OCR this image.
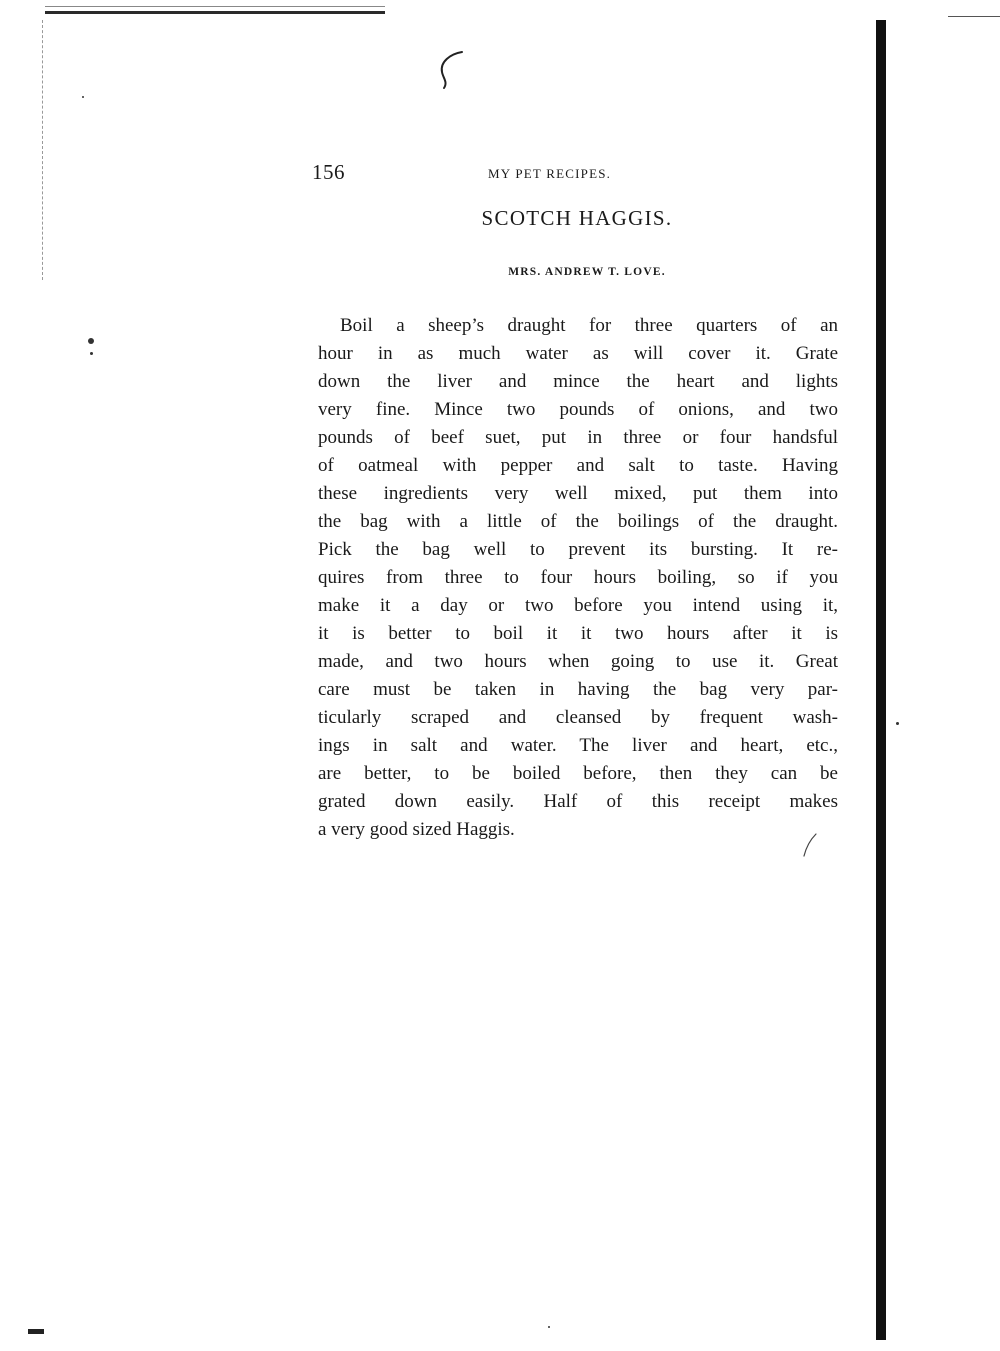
156	MY PET RECIPES.
SCOTCH HAGGIS.
MRS. ANDREW T. LOVE.
Boil a sheep’s draught for three quarters of an
hour in as much water as will cover it. Grate
down the liver and mince the heart and lights
very fine. Mince two pounds of onions, and two
pounds of beef suet, put in three or four handsful
of oatmeal with pepper and salt to taste. Having
these ingredients very well mixed, put them into
the bag with a little of the boilings of the draught.
Pick the bag well to prevent its bursting. It re-
quires from three to four hours boiling, so if you
make it a day or two before you intend using it,
it is better to boil it it two hours after it is
made, and two hours when going to use it. Great
care must be taken in having the bag very par-
ticularly scraped and cleansed by frequent wash-
ings in salt and water. The liver and heart, etc.,
are better, to be boiled before, then they can be
grated down easily. Half of this receipt makes
a very good sized Haggis.
